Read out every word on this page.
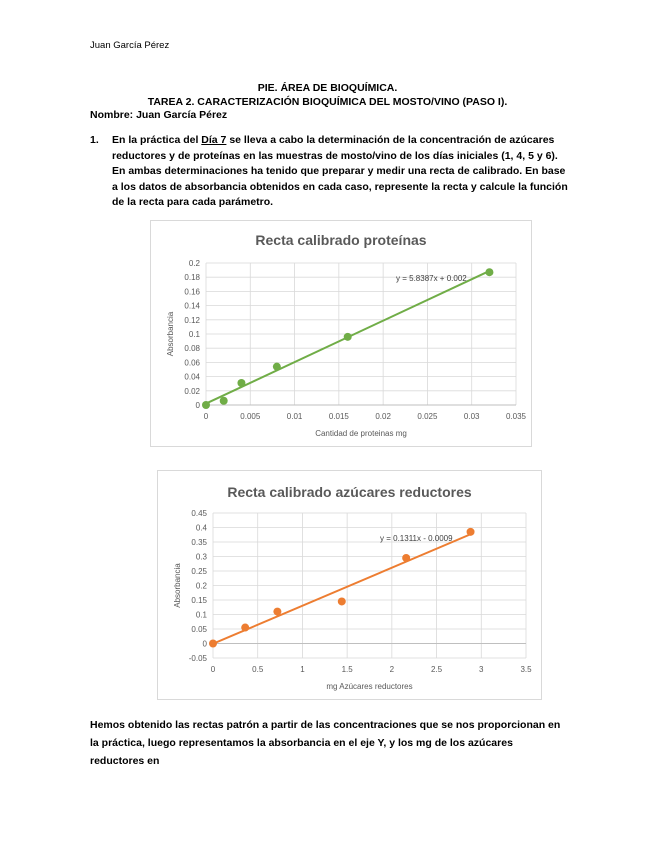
Juan García Pérez
PIE. ÁREA DE BIOQUÍMICA.
TAREA 2. CARACTERIZACIÓN BIOQUÍMICA DEL MOSTO/VINO (PASO I).
Nombre: Juan García Pérez
1. En la práctica del Día 7 se lleva a cabo la determinación de la concentración de azúcares reductores y de proteínas en las muestras de mosto/vino de los días iniciales (1, 4, 5 y 6). En ambas determinaciones ha tenido que preparar y medir una recta de calibrado. En base a los datos de absorbancia obtenidos en cada caso, represente la recta y calcule la función de la recta para cada parámetro.
Recta calibrado proteínas
0
0.02
0.04
0.06
0.08
0.1
0.12
0.14
0.16
0.18
0.2
0	0.005	0.01	0.015	0.02	0.025	0.03	0.035
y = 5.8387x + 0.002
Cantidad de proteinas mg
Absorbancia
Recta calibrado azúcares reductores
-0.05
0
0.05
0.1
0.15
0.2
0.25
0.3
0.35
0.4
0.45
0	0.5	1	1.5	2	2.5	3	3.5
y = 0.1311x - 0.0009
mg Azúcares reductores
Absorbancia
Hemos obtenido las rectas patrón a partir de las concentraciones que se nos proporcionan en la práctica, luego representamos la absorbancia en el eje Y, y los mg de los azúcares reductores en
